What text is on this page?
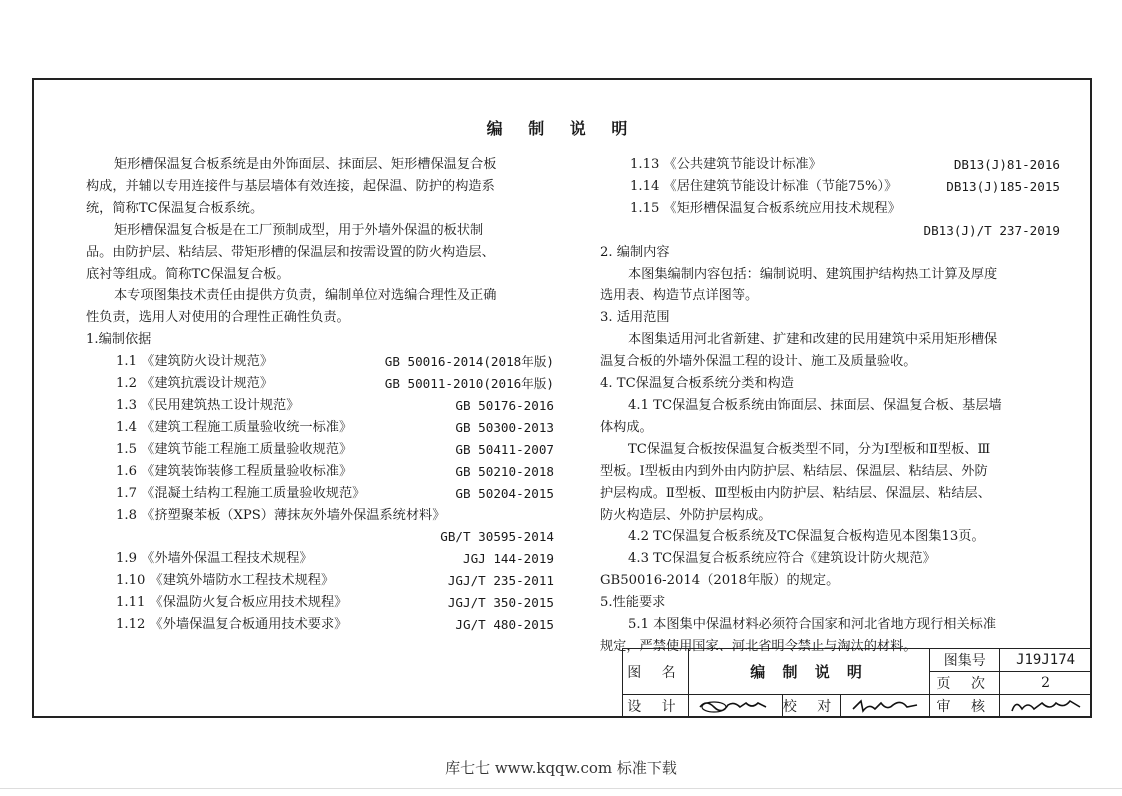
编 制 说 明

矩形槽保温复合板系统是由外饰面层、抹面层、矩形槽保温复合板

构成，并辅以专用连接件与基层墙体有效连接，起保温、防护的构造系

统，简称TC保温复合板系统。

矩形槽保温复合板是在工厂预制成型，用于外墙外保温的板状制

品。由防护层、粘结层、带矩形槽的保温层和按需设置的防火构造层、

底衬等组成。简称TC保温复合板。

本专项图集技术责任由提供方负责，编制单位对选编合理性及正确

性负责，选用人对使用的合理性正确性负责。

1.编制依据

1.1 《建筑防火设计规范》	GB 50016-2014(2018年版)
1.2 《建筑抗震设计规范》	GB 50011-2010(2016年版)
1.3 《民用建筑热工设计规范》	GB 50176-2016
1.4 《建筑工程施工质量验收统一标准》	GB 50300-2013
1.5 《建筑节能工程施工质量验收规范》	GB 50411-2007
1.6 《建筑装饰装修工程质量验收标准》	GB 50210-2018
1.7 《混凝土结构工程施工质量验收规范》	GB 50204-2015

1.8 《挤塑聚苯板（XPS）薄抹灰外墙外保温系统材料》

GB/T 30595-2014

1.9 《外墙外保温工程技术规程》	JGJ 144-2019
1.10 《建筑外墙防水工程技术规程》	JGJ/T 235-2011
1.11 《保温防火复合板应用技术规程》	JGJ/T 350-2015
1.12 《外墙保温复合板通用技术要求》	JG/T 480-2015
1.13 《公共建筑节能设计标准》	DB13(J)81-2016
1.14 《居住建筑节能设计标准（节能75%）》	DB13(J)185-2015

1.15 《矩形槽保温复合板系统应用技术规程》

DB13(J)/T 237-2019

2. 编制内容

本图集编制内容包括：编制说明、建筑围护结构热工计算及厚度

选用表、构造节点详图等。

3. 适用范围

本图集适用河北省新建、扩建和改建的民用建筑中采用矩形槽保

温复合板的外墙外保温工程的设计、施工及质量验收。

4. TC保温复合板系统分类和构造

4.1 TC保温复合板系统由饰面层、抹面层、保温复合板、基层墙

体构成。

TC保温复合板按保温复合板类型不同，分为Ⅰ型板和Ⅱ型板、Ⅲ

型板。Ⅰ型板由内到外由内防护层、粘结层、保温层、粘结层、外防

护层构成。Ⅱ型板、Ⅲ型板由内防护层、粘结层、保温层、粘结层、

防火构造层、外防护层构成。

4.2 TC保温复合板系统及TC保温复合板构造见本图集13页。

4.3 TC保温复合板系统应符合《建筑设计防火规范》

GB50016-2014（2018年版）的规定。

5.性能要求

5.1 本图集中保温材料必须符合国家和河北省地方现行相关标准

规定，严禁使用国家、河北省明令禁止与淘汰的材料。

图 名	编 制 说 明			图集号	J19J174
				页 次	2
设 计		校 对		审 核	
库七七 www.kqqw.com 标准下载
